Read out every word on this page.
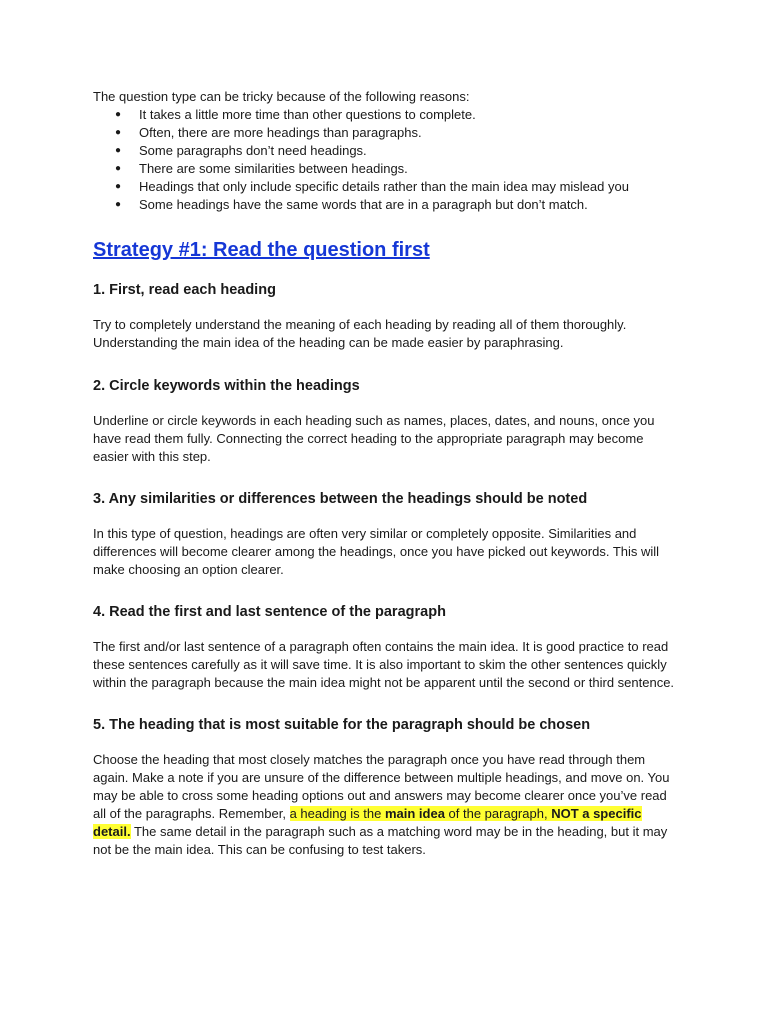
The question type can be tricky because of the following reasons:

● It takes a little more time than other questions to complete.
● Often, there are more headings than paragraphs.
● Some paragraphs don’t need headings.
● There are some similarities between headings.
● Headings that only include specific details rather than the main idea may mislead you
● Some headings have the same words that are in a paragraph but don’t match.
Strategy #1: Read the question first
1. First, read each heading

Try to completely understand the meaning of each heading by reading all of them thoroughly. Understanding the main idea of the heading can be made easier by paraphrasing.

2. Circle keywords within the headings

Underline or circle keywords in each heading such as names, places, dates, and nouns, once you have read them fully. Connecting the correct heading to the appropriate paragraph may become easier with this step.

3. Any similarities or differences between the headings should be noted

In this type of question, headings are often very similar or completely opposite. Similarities and differences will become clearer among the headings, once you have picked out keywords. This will make choosing an option clearer.

4. Read the first and last sentence of the paragraph

The first and/or last sentence of a paragraph often contains the main idea. It is good practice to read these sentences carefully as it will save time. It is also important to skim the other sentences quickly within the paragraph because the main idea might not be apparent until the second or third sentence.

5. The heading that is most suitable for the paragraph should be chosen

Choose the heading that most closely matches the paragraph once you have read through them again. Make a note if you are unsure of the difference between multiple headings, and move on. You may be able to cross some heading options out and answers may become clearer once you’ve read all of the paragraphs. Remember, a heading is the main idea of the paragraph, NOT a specific detail. The same detail in the paragraph such as a matching word may be in the heading, but it may not be the main idea. This can be confusing to test takers.
